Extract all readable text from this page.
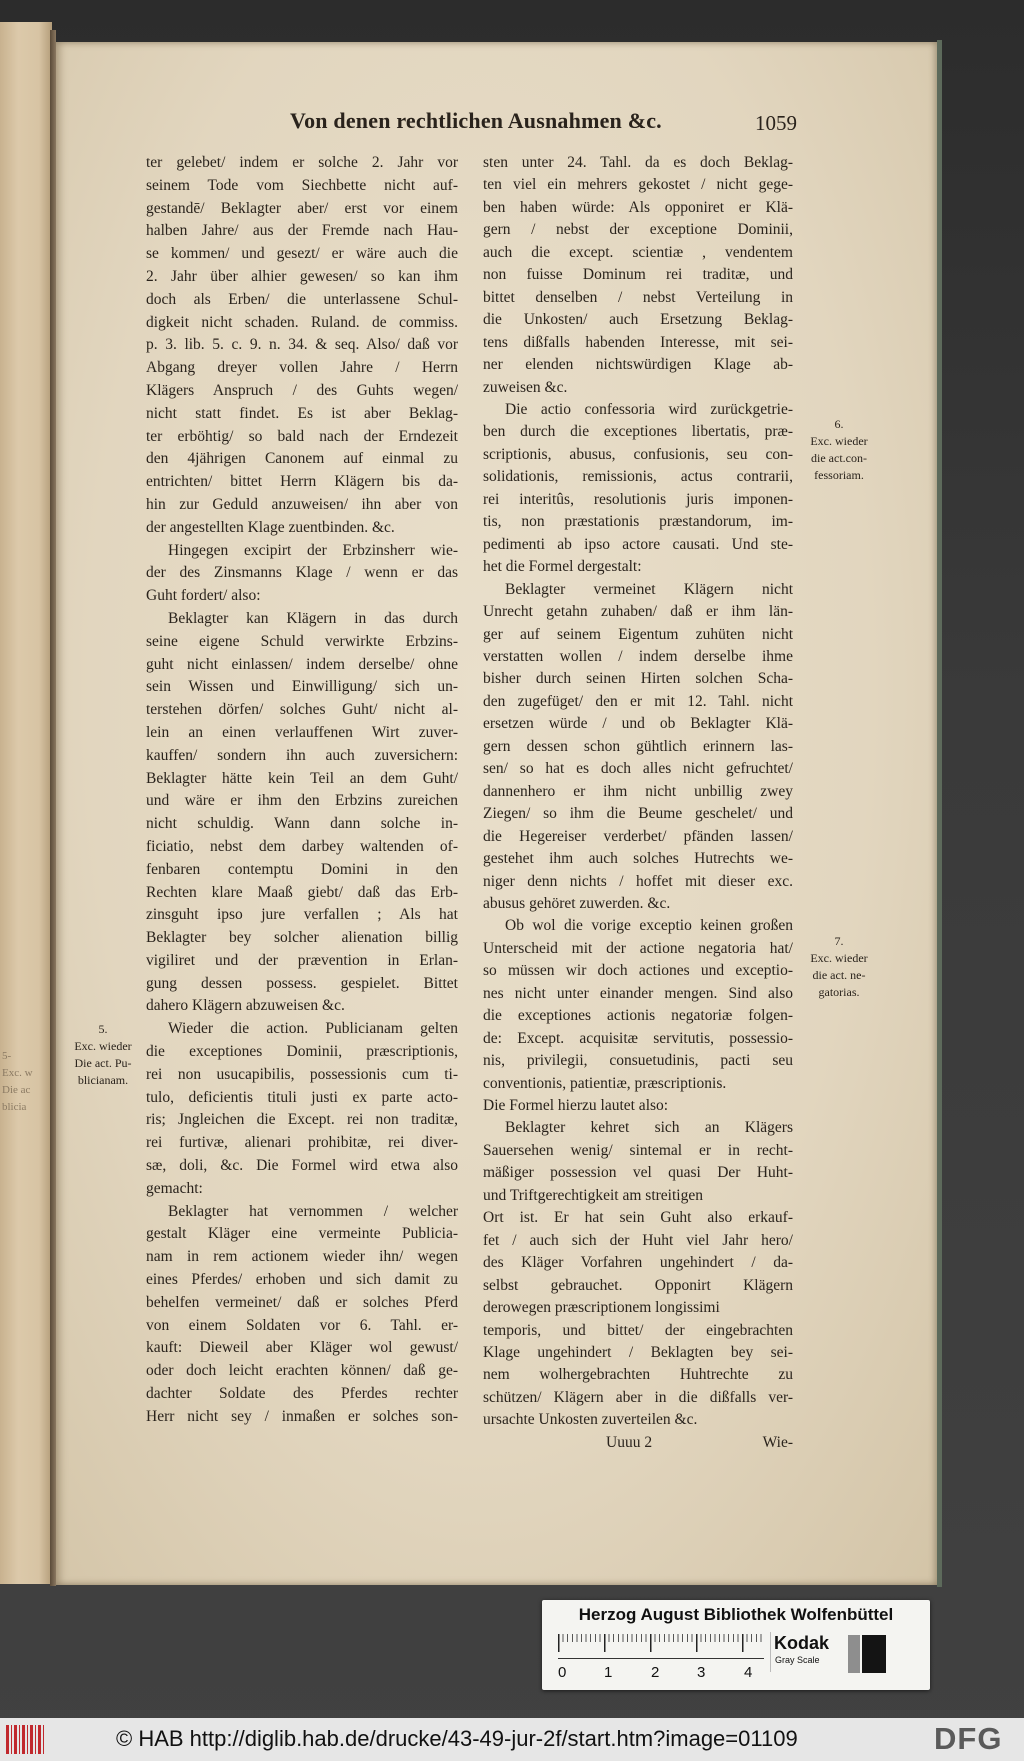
5-
Exc. w
Die ac
blicia
Von denen rechtlichen Ausnahmen &c.	1059
ter gelebet/ indem er solche 2. Jahr vor
seinem Tode vom Siechbette nicht auf-
gestandē/ Beklagter aber/ erst vor einem
halben Jahre/ aus der Fremde nach Hau-
se kommen/ und gesezt/ er wäre auch die
2. Jahr über alhier gewesen/ so kan ihm
doch als Erben/ die unterlassene Schul-
digkeit nicht schaden. Ruland. de commiss.
p. 3. lib. 5. c. 9. n. 34. & seq. Also/ daß vor
Abgang dreyer vollen Jahre / Herrn
Klägers Anspruch / des Guhts wegen/
nicht statt findet. Es ist aber Beklag-
ter erböhtig/ so bald nach der Erndezeit
den 4jährigen Canonem auf einmal zu
entrichten/ bittet Herrn Klägern bis da-
hin zur Geduld anzuweisen/ ihn aber von
der angestellten Klage zuentbinden. &c.
Hingegen excipirt der Erbzinsherr wie-
der des Zinsmanns Klage / wenn er das
Guht fordert/ also:
Beklagter kan Klägern in das durch
seine eigene Schuld verwirkte Erbzins-
guht nicht einlassen/ indem derselbe/ ohne
sein Wissen und Einwilligung/ sich un-
terstehen dörfen/ solches Guht/ nicht al-
lein an einen verlauffenen Wirt zuver-
kauffen/ sondern ihn auch zuversichern:
Beklagter hätte kein Teil an dem Guht/
und wäre er ihm den Erbzins zureichen
nicht schuldig. Wann dann solche in-
ficiatio, nebst dem darbey waltenden of-
fenbaren contemptu Domini in den
Rechten klare Maaß giebt/ daß das Erb-
zinsguht ipso jure verfallen ; Als hat
Beklagter bey solcher alienation billig
vigiliret und der prævention in Erlan-
gung dessen possess. gespielet. Bittet
dahero Klägern abzuweisen &c.
Wieder die action. Publicianam gelten
die exceptiones Dominii, præscriptionis,
rei non usucapibilis, possessionis cum ti-
tulo, deficientis tituli justi ex parte acto-
ris; Jngleichen die Except. rei non traditæ,
rei furtivæ, alienari prohibitæ, rei diver-
sæ, doli, &c. Die Formel wird etwa also
gemacht:
Beklagter hat vernommen / welcher
gestalt Kläger eine vermeinte Publicia-
nam in rem actionem wieder ihn/ wegen
eines Pferdes/ erhoben und sich damit zu
behelfen vermeinet/ daß er solches Pferd
von einem Soldaten vor 6. Tahl. er-
kauft: Dieweil aber Kläger wol gewust/
oder doch leicht erachten können/ daß ge-
dachter Soldate des Pferdes rechter
Herr nicht sey / inmaßen er solches son-
sten unter 24. Tahl. da es doch Beklag-
ten viel ein mehrers gekostet / nicht gege-
ben haben würde: Als opponiret er Klä-
gern / nebst der exceptione Dominii,
auch die except. scientiæ , vendentem
non fuisse Dominum rei traditæ, und
bittet denselben / nebst Verteilung in
die Unkosten/ auch Ersetzung Beklag-
tens dißfalls habenden Interesse, mit sei-
ner elenden nichtswürdigen Klage ab-
zuweisen &c.
Die actio confessoria wird zurückgetrie-
ben durch die exceptiones libertatis, præ-
scriptionis, abusus, confusionis, seu con-
solidationis, remissionis, actus contrarii,
rei interitûs, resolutionis juris imponen-
tis, non præstationis præstandorum, im-
pedimenti ab ipso actore causati. Und ste-
het die Formel dergestalt:
Beklagter vermeinet Klägern nicht
Unrecht getahn zuhaben/ daß er ihm län-
ger auf seinem Eigentum zuhüten nicht
verstatten wollen / indem derselbe ihme
bisher durch seinen Hirten solchen Scha-
den zugefüget/ den er mit 12. Tahl. nicht
ersetzen würde / und ob Beklagter Klä-
gern dessen schon gühtlich erinnern las-
sen/ so hat es doch alles nicht gefruchtet/
dannenhero er ihm nicht unbillig zwey
Ziegen/ so ihm die Beume geschelet/ und
die Hegereiser verderbet/ pfänden lassen/
gestehet ihm auch solches Hutrechts we-
niger denn nichts / hoffet mit dieser exc.
abusus gehöret zuwerden. &c.
Ob wol die vorige exceptio keinen großen
Unterscheid mit der actione negatoria hat/
so müssen wir doch actiones und exceptio-
nes nicht unter einander mengen. Sind also
die exceptiones actionis negatoriæ folgen-
de: Except. acquisitæ servitutis, possessio-
nis, privilegii, consuetudinis, pacti seu
conventionis, patientiæ, præscriptionis.
Die Formel hierzu lautet also:
Beklagter kehret sich an Klägers
Sauersehen wenig/ sintemal er in recht-
mäßiger possession vel quasi Der Huht-
und Triftgerechtigkeit am streitigen
Ort ist. Er hat sein Guht also erkauf-
fet / auch sich der Huht viel Jahr hero/
des Kläger Vorfahren ungehindert / da-
selbst gebrauchet. Opponirt Klägern
derowegen præscriptionem longissimi
temporis, und bittet/ der eingebrachten
Klage ungehindert / Beklagten bey sei-
nem wolhergebrachten Huhtrechte zu
schützen/ Klägern aber in die dißfalls ver-
ursachte Unkosten zuverteilen &c.
5.
Exc. wieder
Die act. Pu-
blicianam.
6.
Exc. wieder
die act.con-
fessoriam.
7.
Exc. wieder
die act. ne-
gatorias.
Uuuu 2	Wie-
Herzog August Bibliothek Wolfenbüttel
0	1	2	3	4
Kodak
Gray Scale
© HAB http://diglib.hab.de/drucke/43-49-jur-2f/start.htm?image=01109	DFG
